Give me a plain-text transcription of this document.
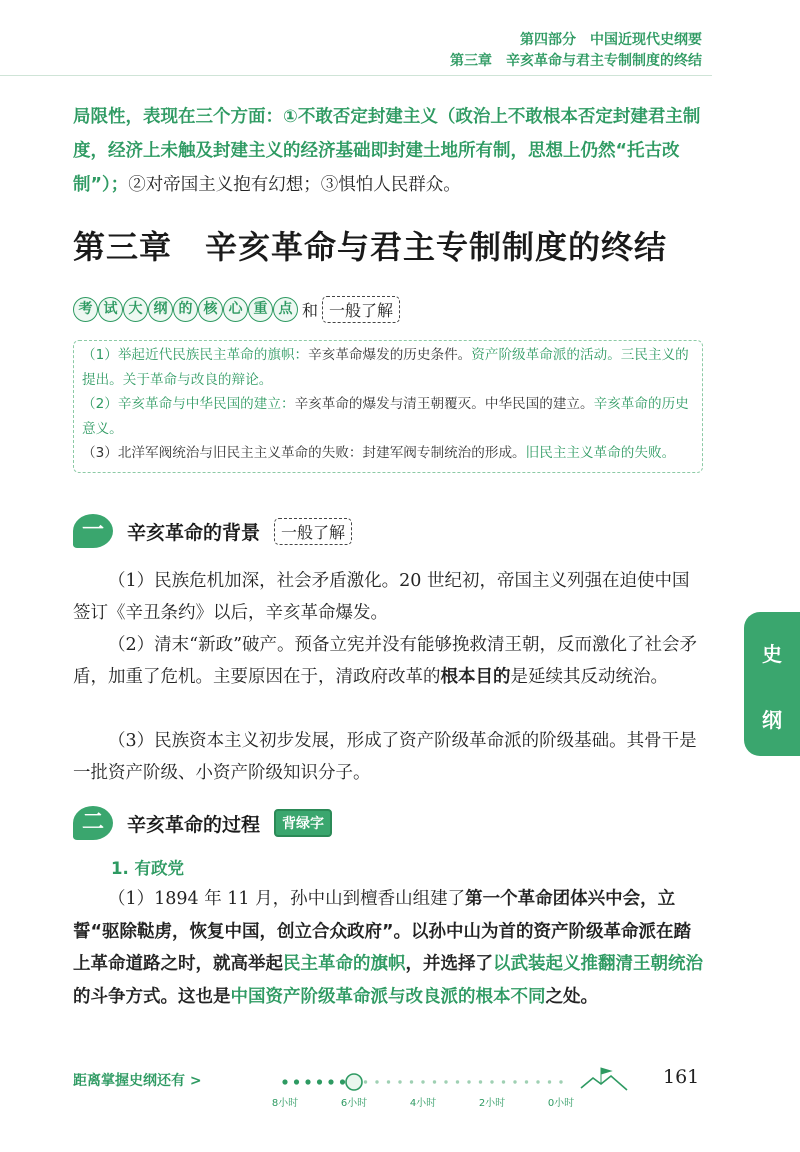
第四部分　中国近现代史纲要
第三章　辛亥革命与君主专制制度的终结
局限性，表现在三个方面：①不敢否定封建主义（政治上不敢根本否定封建君主制度，经济上未触及封建主义的经济基础即封建土地所有制，思想上仍然“托古改制”）；②对帝国主义抱有幻想；③惧怕人民群众。
第三章　辛亥革命与君主专制制度的终结
考 试 大 纲 的 核 心 重 点 和 一般了解
（1）举起近代民族民主革命的旗帜：辛亥革命爆发的历史条件。资产阶级革命派的活动。三民主义的提出。关于革命与改良的辩论。
（2）辛亥革命与中华民国的建立：辛亥革命的爆发与清王朝覆灭。中华民国的建立。辛亥革命的历史意义。
（3）北洋军阀统治与旧民主主义革命的失败：封建军阀专制统治的形成。旧民主主义革命的失败。
一	辛亥革命的背景	一般了解
（1）民族危机加深，社会矛盾激化。20 世纪初，帝国主义列强在迫使中国签订《辛丑条约》以后，辛亥革命爆发。
（2）清末“新政”破产。预备立宪并没有能够挽救清王朝，反而激化了社会矛盾，加重了危机。主要原因在于，清政府改革的根本目的是延续其反动统治。
（3）民族资本主义初步发展，形成了资产阶级革命派的阶级基础。其骨干是一批资产阶级、小资产阶级知识分子。
二	辛亥革命的过程	背绿字
1. 有政党
（1）1894 年 11 月，孙中山到檀香山组建了第一个革命团体兴中会，立誓“驱除鞑虏，恢复中国，创立合众政府”。以孙中山为首的资产阶级革命派在踏上革命道路之时，就高举起民主革命的旗帜，并选择了以武装起义推翻清王朝统治的斗争方式。这也是中国资产阶级革命派与改良派的根本不同之处。
史
纲
距离掌握史纲还有 >
8小时	6小时	4小时	2小时	0小时
161
